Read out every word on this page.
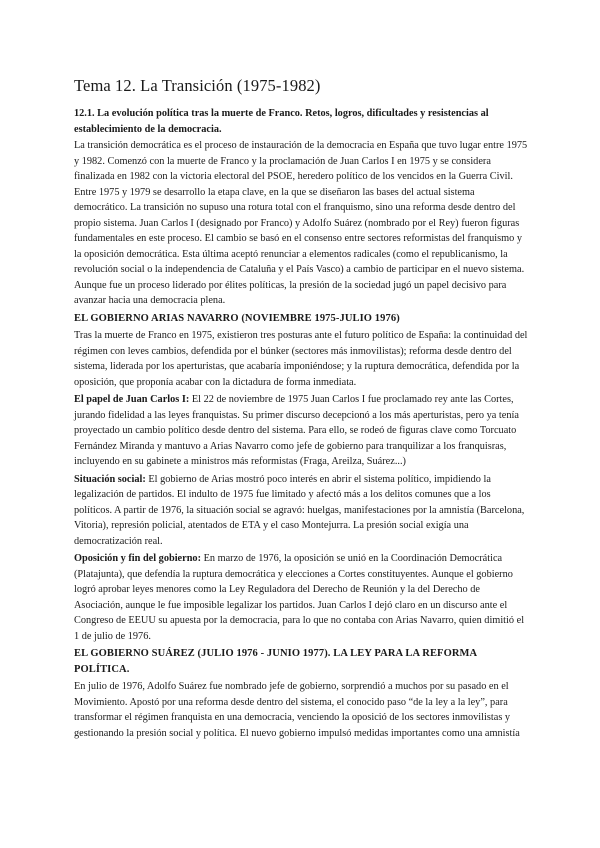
Tema 12. La Transición (1975-1982)
12.1. La evolución política tras la muerte de Franco. Retos, logros, dificultades y resistencias al establecimiento de la democracia.

La transición democrática es el proceso de instauración de la democracia en España que tuvo lugar entre 1975 y 1982. Comenzó con la muerte de Franco y la proclamación de Juan Carlos I en 1975 y se considera finalizada en 1982 con la victoria electoral del PSOE, heredero político de los vencidos en la Guerra Civil. Entre 1975 y 1979 se desarrollo la etapa clave, en la que se diseñaron las bases del actual sistema democrático. La transición no supuso una rotura total con el franquismo, sino una reforma desde dentro del propio sistema. Juan Carlos I (designado por Franco) y Adolfo Suárez (nombrado por el Rey) fueron figuras fundamentales en este proceso. El cambio se basó en el consenso entre sectores reformistas del franquismo y la oposición democrática. Esta última aceptó renunciar a elementos radicales (como el republicanismo, la revolución social o la independencia de Cataluña y el País Vasco) a cambio de participar en el nuevo sistema. Aunque fue un proceso liderado por élites políticas, la presión de la sociedad jugó un papel decisivo para avanzar hacia una democracia plena.

EL GOBIERNO ARIAS NAVARRO (NOVIEMBRE 1975-JULIO 1976)

Tras la muerte de Franco en 1975, existieron tres posturas ante el futuro político de España: la continuidad del régimen con leves cambios, defendida por el búnker (sectores más inmovilistas); reforma desde dentro del sistema, liderada por los aperturistas, que acabaría imponiéndose; y la ruptura democrática, defendida por la oposición, que proponía acabar con la dictadura de forma inmediata.

El papel de Juan Carlos I: El 22 de noviembre de 1975 Juan Carlos I fue proclamado rey ante las Cortes, jurando fidelidad a las leyes franquistas. Su primer discurso decepcionó a los más aperturistas, pero ya tenía proyectado un cambio político desde dentro del sistema. Para ello, se rodeó de figuras clave como Torcuato Fernández Miranda y mantuvo a Arias Navarro como jefe de gobierno para tranquilizar a los franquisras, incluyendo en su gabinete a ministros más reformistas (Fraga, Areilza, Suárez...)

Situación social: El gobierno de Arias mostró poco interés en abrir el sistema político, impidiendo la legalización de partidos. El indulto de 1975 fue limitado y afectó más a los delitos comunes que a los políticos. A partir de 1976, la situación social se agravó: huelgas, manifestaciones por la amnistía (Barcelona, Vitoria), represión policial, atentados de ETA y el caso Montejurra. La presión social exigía una democratización real.

Oposición y fin del gobierno: En marzo de 1976, la oposición se unió en la Coordinación Democrática (Platajunta), que defendía la ruptura democrática y elecciones a Cortes constituyentes. Aunque el gobierno logró aprobar leyes menores como la Ley Reguladora del Derecho de Reunión y la del Derecho de Asociación, aunque le fue imposible legalizar los partidos. Juan Carlos I dejó claro en un discurso ante el Congreso de EEUU su apuesta por la democracia, para lo que no contaba con Arias Navarro, quien dimitió el 1 de julio de 1976.

EL GOBIERNO SUÁREZ (JULIO 1976 - JUNIO 1977). LA LEY PARA LA REFORMA POLÍTICA.

En julio de 1976, Adolfo Suárez fue nombrado jefe de gobierno, sorprendió a muchos por su pasado en el Movimiento. Apostó por una reforma desde dentro del sistema, el conocido paso “de la ley a la ley”, para transformar el régimen franquista en una democracia, venciendo la oposició de los sectores inmovilistas y gestionando la presión social y política. El nuevo gobierno impulsó medidas importantes como una amnistía
